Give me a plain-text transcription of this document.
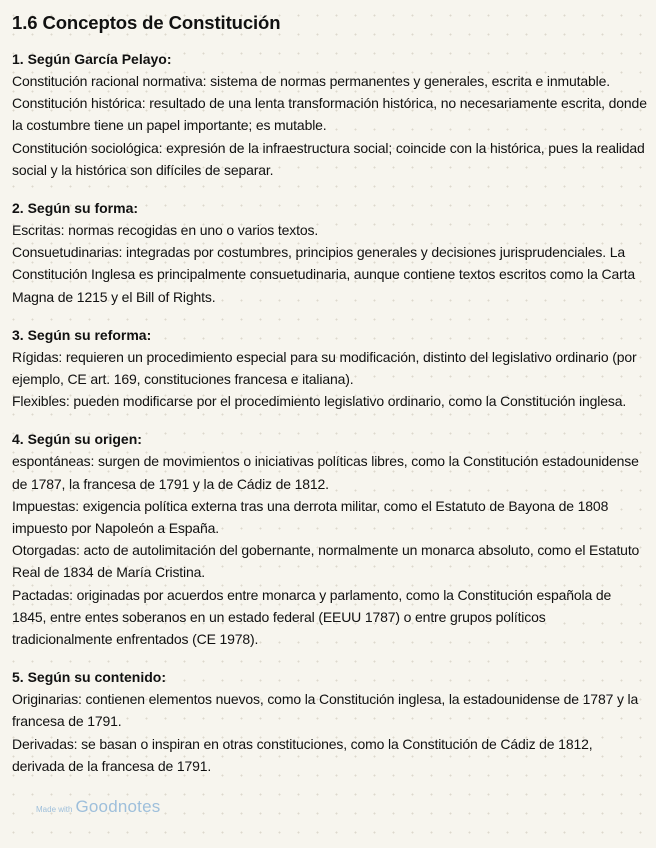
1.6 Conceptos de Constitución
1. Según García Pelayo:

Constitución racional normativa: sistema de normas permanentes y generales, escrita e inmutable.

Constitución histórica: resultado de una lenta transformación histórica, no necesariamente escrita, donde la costumbre tiene un papel importante; es mutable.

Constitución sociológica: expresión de la infraestructura social; coincide con la histórica, pues la realidad social y la histórica son difíciles de separar.

2. Según su forma:

Escritas: normas recogidas en uno o varios textos.

Consuetudinarias: integradas por costumbres, principios generales y decisiones jurisprudenciales. La Constitución Inglesa es principalmente consuetudinaria, aunque contiene textos escritos como la Carta Magna de 1215 y el Bill of Rights.

3. Según su reforma:

Rígidas: requieren un procedimiento especial para su modificación, distinto del legislativo ordinario (por ejemplo, CE art. 169, constituciones francesa e italiana).

Flexibles: pueden modificarse por el procedimiento legislativo ordinario, como la Constitución inglesa.

4. Según su origen:

espontáneas: surgen de movimientos o iniciativas políticas libres, como la Constitución estadounidense de 1787, la francesa de 1791 y la de Cádiz de 1812.

Impuestas: exigencia política externa tras una derrota militar, como el Estatuto de Bayona de 1808 impuesto por Napoleón a España.

Otorgadas: acto de autolimitación del gobernante, normalmente un monarca absoluto, como el Estatuto Real de 1834 de María Cristina.

Pactadas: originadas por acuerdos entre monarca y parlamento, como la Constitución española de 1845, entre entes soberanos en un estado federal (EEUU 1787) o entre grupos políticos tradicionalmente enfrentados (CE 1978).

5. Según su contenido:

Originarias: contienen elementos nuevos, como la Constitución inglesa, la estadounidense de 1787 y la francesa de 1791.

Derivadas: se basan o inspiran en otras constituciones, como la Constitución de Cádiz de 1812, derivada de la francesa de 1791.

Made with Goodnotes
